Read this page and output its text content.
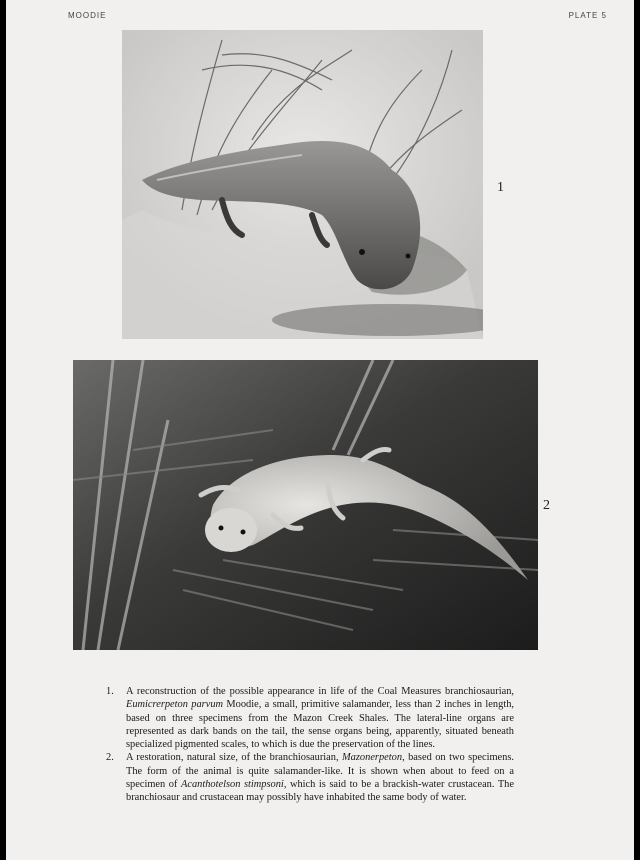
MOODIE	PLATE 5
1
2
1. A reconstruction of the possible appearance in life of the Coal Measures branchiosaurian, Eumicrerpeton parvum Moodie, a small, primitive salamander, less than 2 inches in length, based on three specimens from the Mazon Creek Shales. The lateral-line organs are represented as dark bands on the tail, the sense organs being, apparently, situated beneath specialized pigmented scales, to which is due the preservation of the lines.
2. A restoration, natural size, of the branchiosaurian, Mazonerpeton, based on two specimens. The form of the animal is quite salamander-like. It is shown when about to feed on a specimen of Acanthotelson stimpsoni, which is said to be a brackish-water crustacean. The branchiosaur and crustacean may possibly have inhabited the same body of water.
